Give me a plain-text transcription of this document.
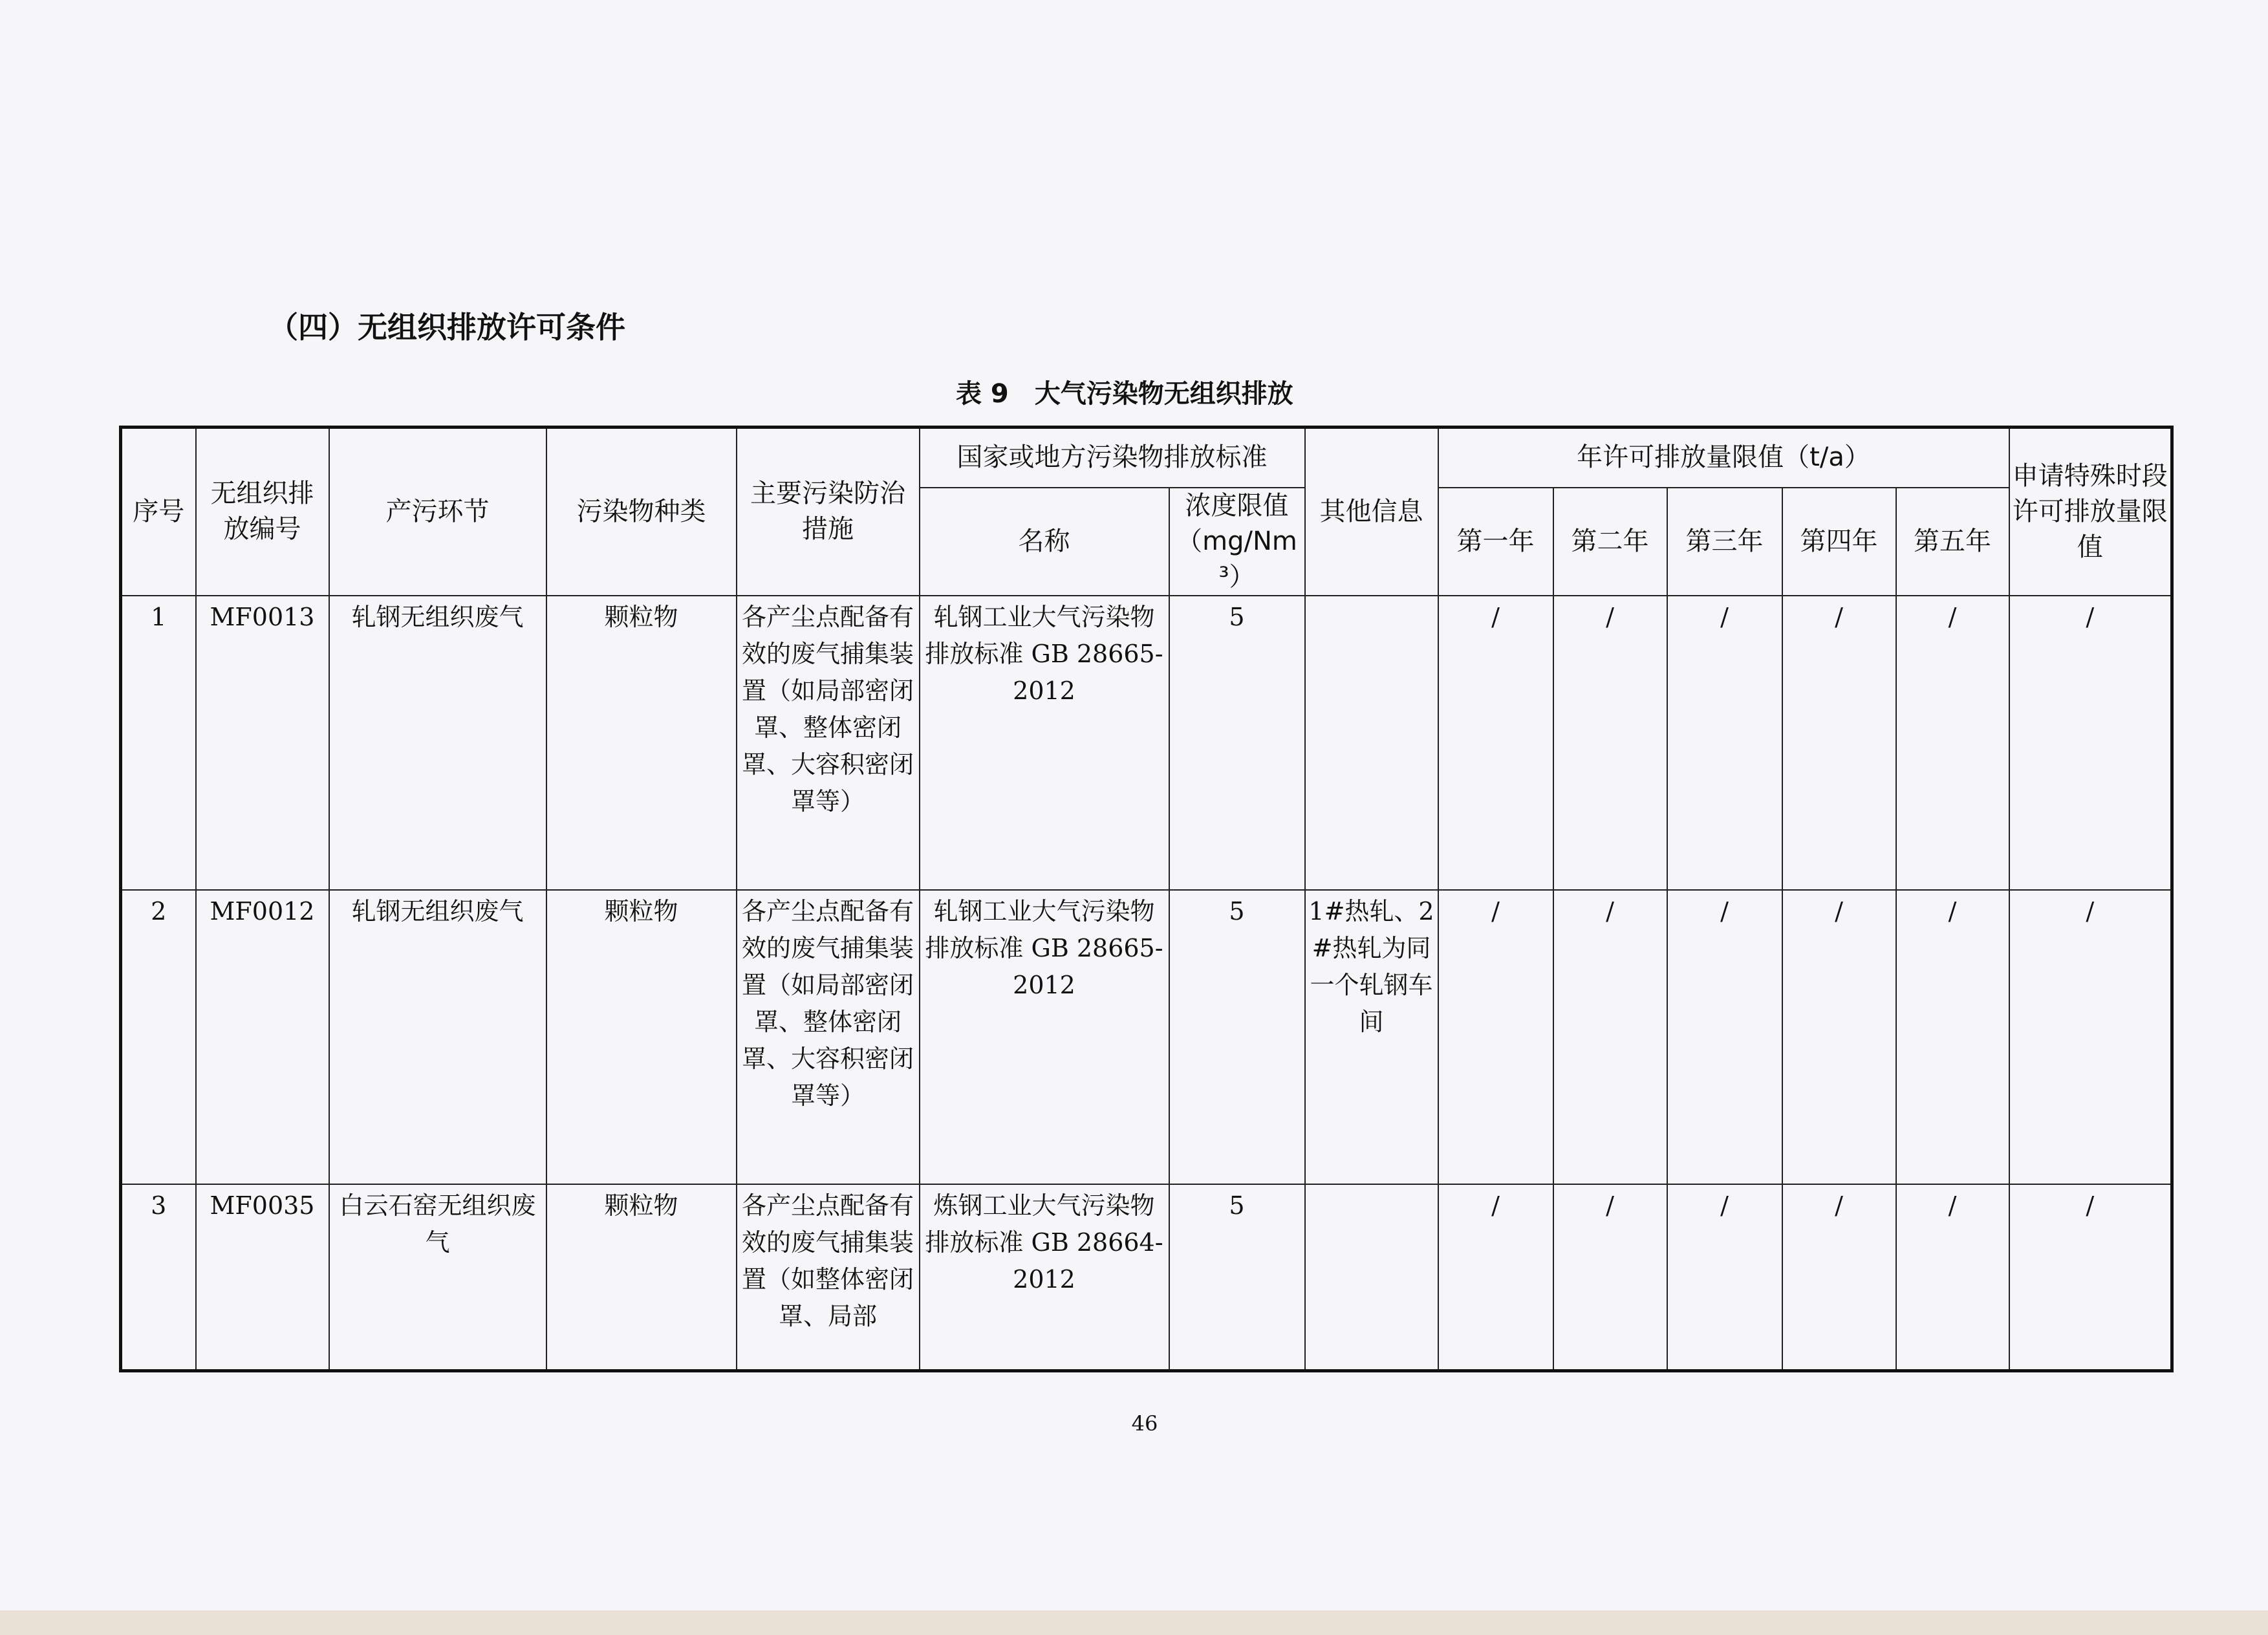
（四）无组织排放许可条件
表 9 大气污染物无组织排放
序号	无组织排放编号	产污环节	污染物种类	主要污染防治措施	国家或地方污染物排放标准		其他信息	年许可排放量限值（t/a）					申请特殊时段许可排放量限值
					名称	浓度限值（mg/Nm³）		第一年	第二年	第三年	第四年	第五年	
1	MF0013	轧钢无组织废气	颗粒物	各产尘点配备有效的废气捕集装置（如局部密闭罩、整体密闭罩、大容积密闭罩等）	轧钢工业大气污染物排放标准 GB 28665-2012	5		/	/	/	/	/	/
2	MF0012	轧钢无组织废气	颗粒物	各产尘点配备有效的废气捕集装置（如局部密闭罩、整体密闭罩、大容积密闭罩等）	轧钢工业大气污染物排放标准 GB 28665-2012	5	1#热轧、2#热轧为同一个轧钢车间	/	/	/	/	/	/
3	MF0035	白云石窑无组织废气	颗粒物	各产尘点配备有效的废气捕集装置（如整体密闭罩、局部	炼钢工业大气污染物排放标准 GB 28664-2012	5		/	/	/	/	/	/
46
